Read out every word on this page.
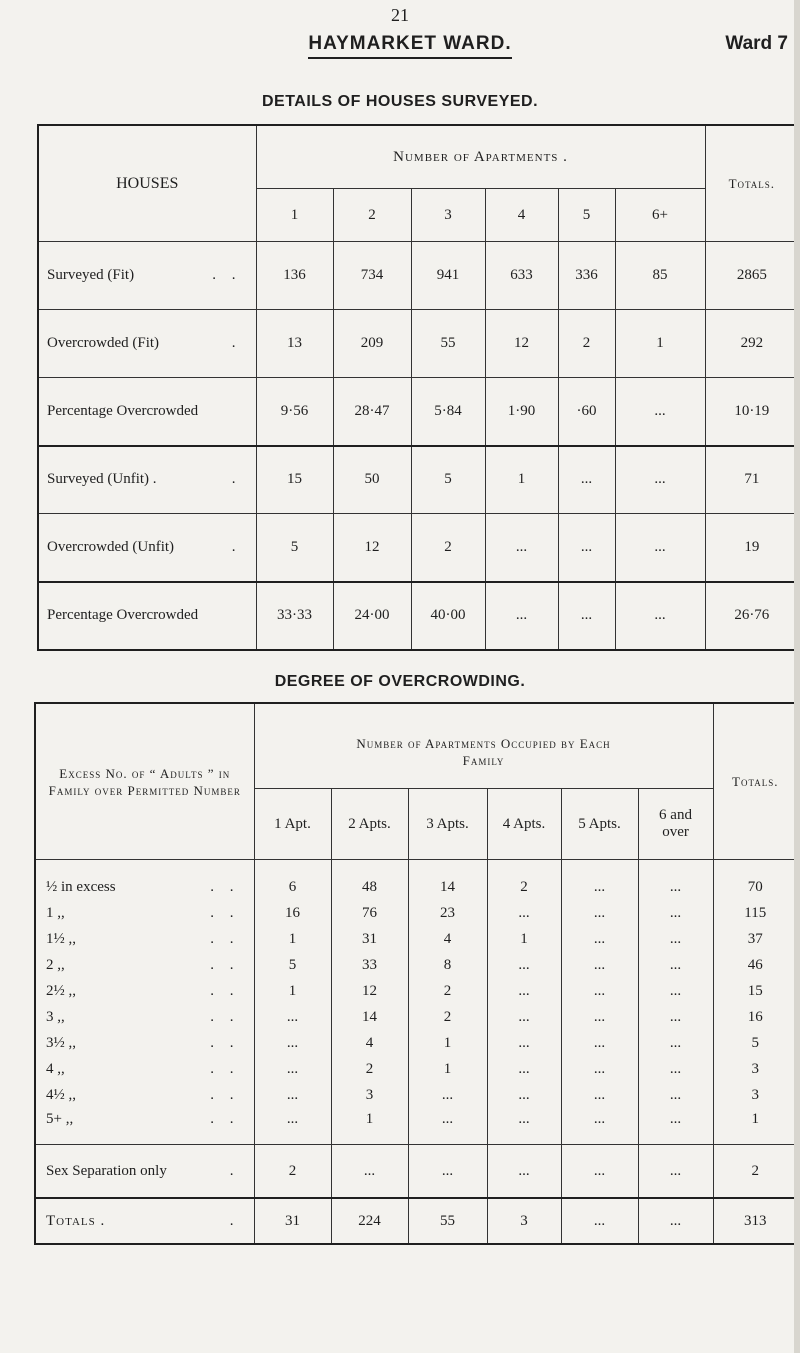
21
HAYMARKET WARD.	Ward 7
DETAILS OF HOUSES SURVEYED.
HOUSES	Number of Apartments .						Totals.
	1	2	3	4	5	6+	
Surveyed (Fit) . .	136	734	941	633	336	85	2865
Overcrowded (Fit) .	13	209	55	12	2	1	292
Percentage Overcrowded	9·56	28·47	5·84	1·90	·60	...	10·19
Surveyed (Unfit) . .	15	50	5	1	...	...	71
Overcrowded (Unfit) .	5	12	2	...	...	...	19
Percentage Overcrowded	33·33	24·00	40·00	...	...	...	26·76
DEGREE OF OVERCROWDING.
Excess No. of “ Adults ” in Family over Permitted Number	Number of Apartments Occupied by Each Family						Totals.
	1 Apt.	2 Apts.	3 Apts.	4 Apts.	5 Apts.	6 and over	

½ in excess . .	6	48	14	2	...	...	70
1 ,, . .	16	76	23	...	...	...	115
1½ ,, . .	1	31	4	1	...	...	37
2 ,, . .	5	33	8	...	...	...	46
2½ ,, . .	1	12	2	...	...	...	15
3 ,, . .	...	14	2	...	...	...	16
3½ ,, . .	...	4	1	...	...	...	5
4 ,, . .	...	2	1	...	...	...	3
4½ ,, . .	...	3	...	...	...	...	3
5+ ,, . .	...	1	...	...	...	...	1
Sex Separation only .	2	...	...	...	...	...	2
Totals . .	31	224	55	3	...	...	313
